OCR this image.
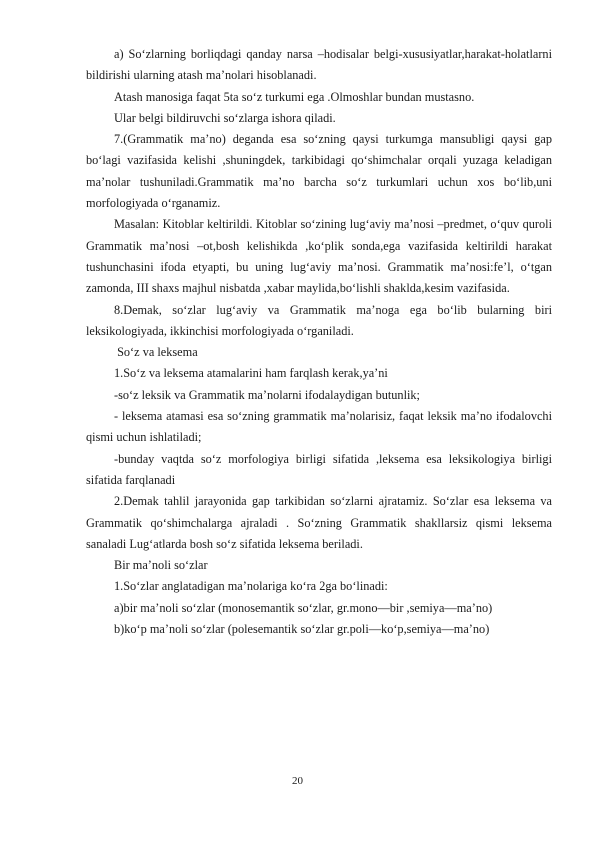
a) So‘zlarning borliqdagi qanday narsa –hodisalar belgi-xususiyatlar,harakat-holatlarni bildirishi ularning atash ma’nolari hisoblanadi.

Atash manosiga faqat 5ta so‘z turkumi ega .Olmoshlar bundan mustasno.

Ular belgi bildiruvchi so‘zlarga ishora qiladi.

7.(Grammatik ma’no) deganda esa so‘zning qaysi turkumga mansubligi qaysi gap bo‘lagi vazifasida kelishi ,shuningdek, tarkibidagi qo‘shimchalar orqali yuzaga keladigan ma’nolar tushuniladi.Grammatik ma’no barcha so‘z turkumlari uchun xos bo‘lib,uni morfologiyada o‘rganamiz.

Masalan: Kitoblar keltirildi. Kitoblar so‘zining lug‘aviy ma’nosi –predmet, o‘quv quroli Grammatik ma’nosi –ot,bosh kelishikda ,ko‘plik sonda,ega vazifasida keltirildi harakat tushunchasini ifoda etyapti, bu uning lug‘aviy ma’nosi. Grammatik ma’nosi:fe’l, o‘tgan zamonda, III shaxs majhul nisbatda ,xabar maylida,bo‘lishli shaklda,kesim vazifasida.

8.Demak, so‘zlar lug‘aviy va Grammatik ma’noga ega bo‘lib bularning biri leksikologiyada, ikkinchisi morfologiyada o‘rganiladi.

So‘z va leksema

1.So‘z va leksema atamalarini ham farqlash kerak,ya’ni

-so‘z leksik va Grammatik ma’nolarni ifodalaydigan butunlik;

- leksema atamasi esa so‘zning grammatik ma’nolarisiz, faqat leksik ma’no ifodalovchi qismi uchun ishlatiladi;

-bunday vaqtda so‘z morfologiya birligi sifatida ,leksema esa leksikologiya birligi sifatida farqlanadi

2.Demak tahlil jarayonida gap tarkibidan so‘zlarni ajratamiz. So‘zlar esa leksema va Grammatik qo‘shimchalarga ajraladi . So‘zning Grammatik shakllarsiz qismi leksema sanaladi Lug‘atlarda bosh so‘z sifatida leksema beriladi.

Bir ma’noli so‘zlar

1.So‘zlar anglatadigan ma’nolariga ko‘ra 2ga bo‘linadi:

a)bir ma’noli so‘zlar (monosemantik so‘zlar, gr.mono—bir ,semiya—ma’no)

b)ko‘p ma’noli so‘zlar (polesemantik so‘zlar gr.poli—ko‘p,semiya—ma’no)

20
